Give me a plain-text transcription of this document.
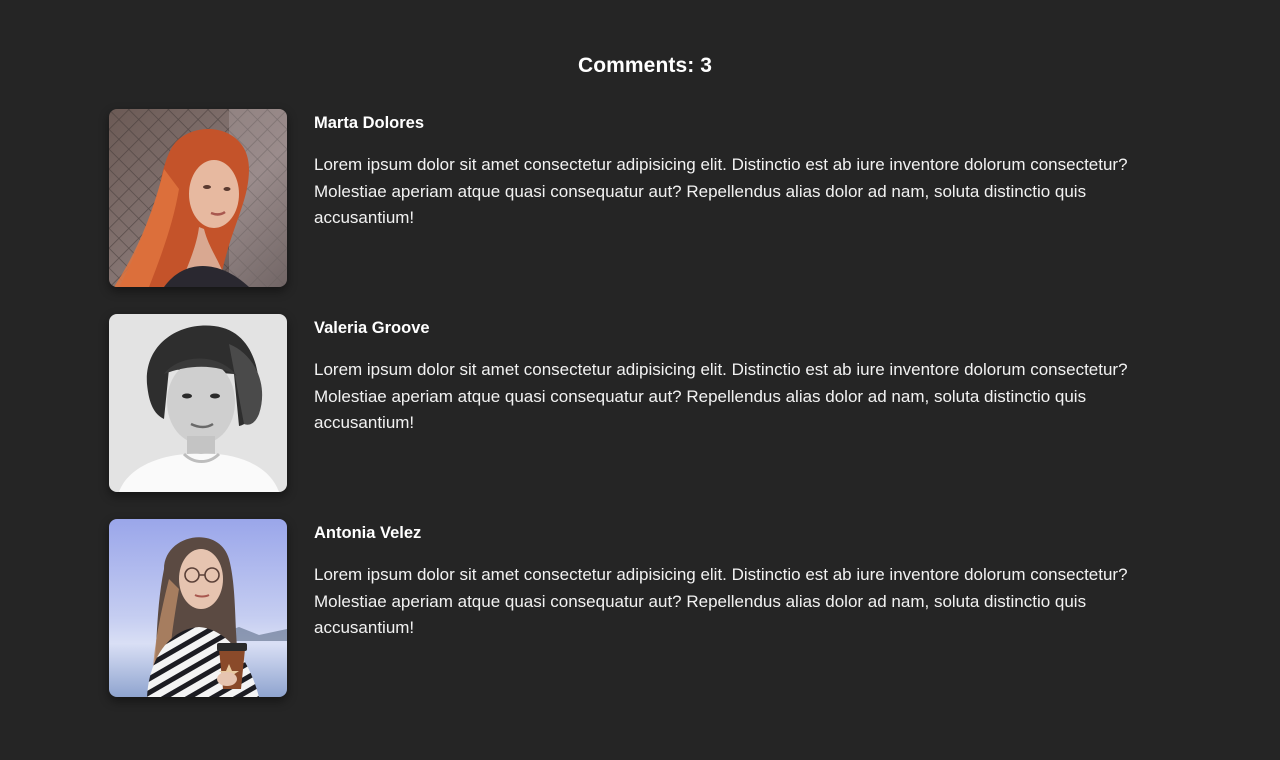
Comments: 3
Marta Dolores
Lorem ipsum dolor sit amet consectetur adipisicing elit. Distinctio est ab iure inventore dolorum consectetur? Molestiae aperiam atque quasi consequatur aut? Repellendus alias dolor ad nam, soluta distinctio quis accusantium!
Valeria Groove
Lorem ipsum dolor sit amet consectetur adipisicing elit. Distinctio est ab iure inventore dolorum consectetur? Molestiae aperiam atque quasi consequatur aut? Repellendus alias dolor ad nam, soluta distinctio quis accusantium!
Antonia Velez
Lorem ipsum dolor sit amet consectetur adipisicing elit. Distinctio est ab iure inventore dolorum consectetur? Molestiae aperiam atque quasi consequatur aut? Repellendus alias dolor ad nam, soluta distinctio quis accusantium!
